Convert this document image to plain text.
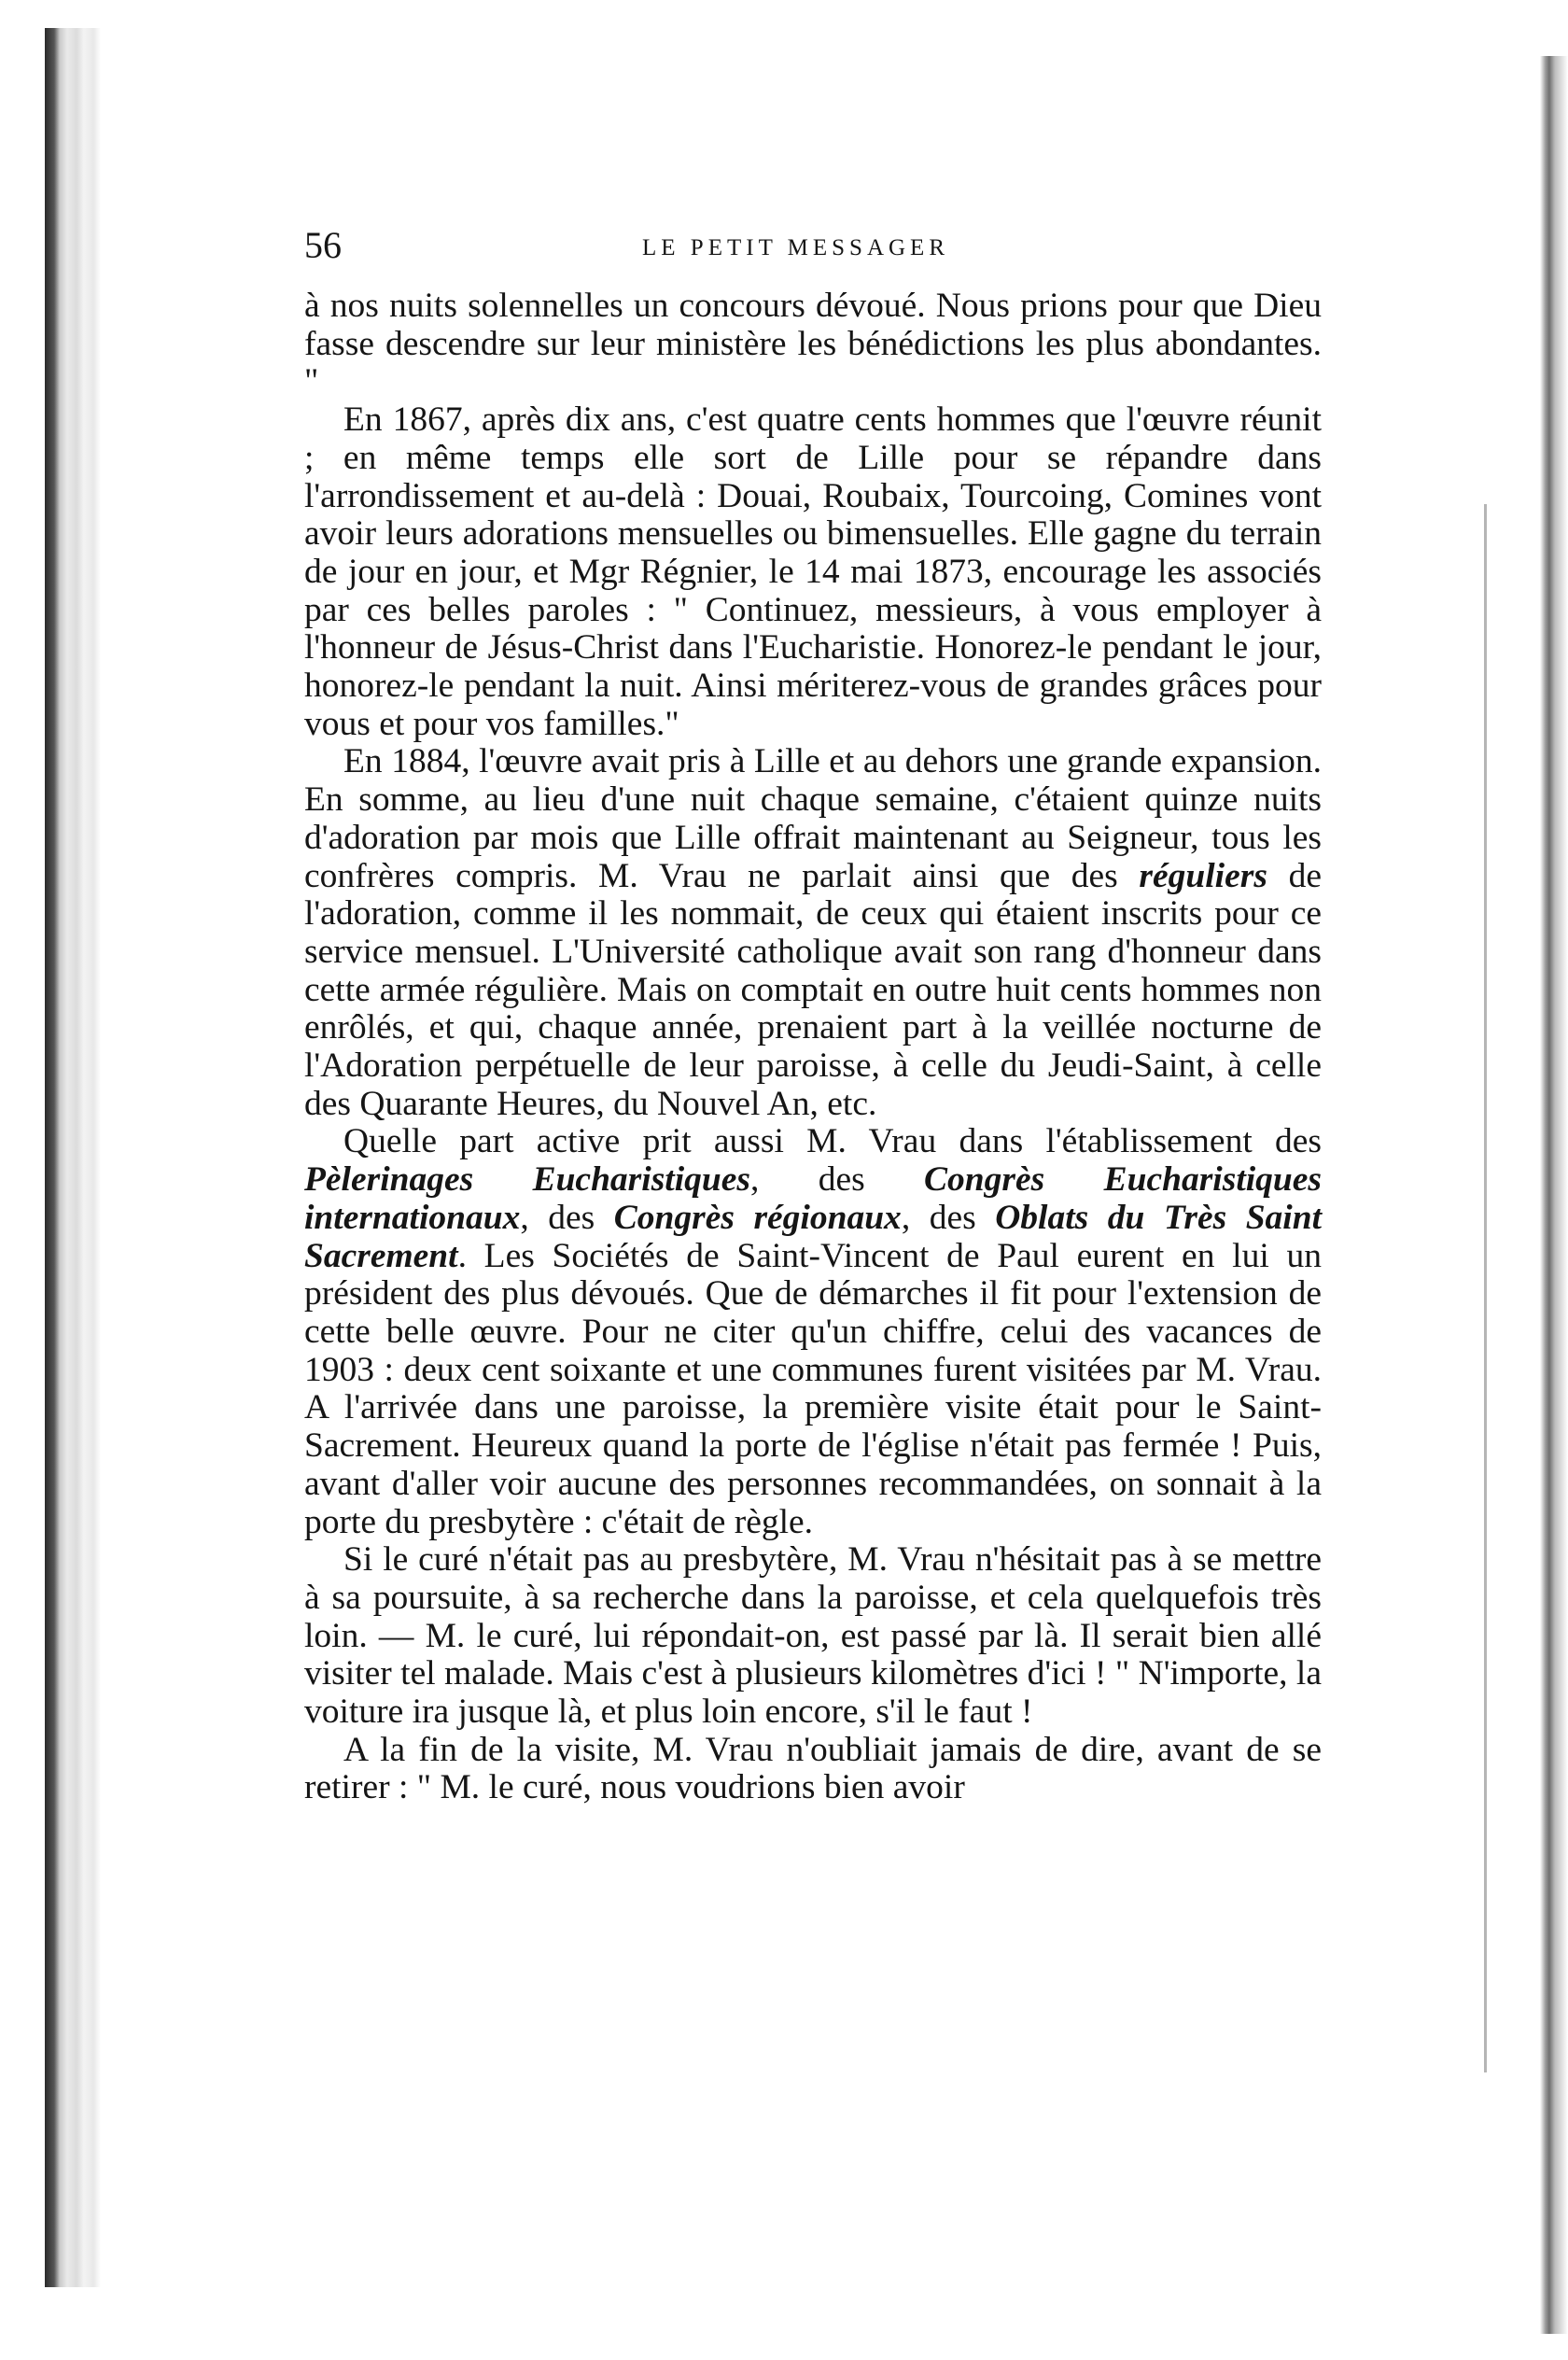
56	LE PETIT MESSAGER

à nos nuits solennelles un concours dévoué. Nous prions pour que Dieu fasse descendre sur leur ministère les bénédictions les plus abondantes. "

En 1867, après dix ans, c'est quatre cents hommes que l'œuvre réunit ; en même temps elle sort de Lille pour se répandre dans l'arrondissement et au-delà : Douai, Roubaix, Tourcoing, Comines vont avoir leurs adorations mensuelles ou bimensuelles. Elle gagne du terrain de jour en jour, et Mgr Régnier, le 14 mai 1873, encourage les associés par ces belles paroles : " Continuez, messieurs, à vous employer à l'honneur de Jésus-Christ dans l'Eucharistie. Honorez-le pendant le jour, honorez-le pendant la nuit. Ainsi mériterez-vous de grandes grâces pour vous et pour vos familles."

En 1884, l'œuvre avait pris à Lille et au dehors une grande expansion. En somme, au lieu d'une nuit chaque semaine, c'étaient quinze nuits d'adoration par mois que Lille offrait maintenant au Seigneur, tous les confrères compris. M. Vrau ne parlait ainsi que des réguliers de l'adoration, comme il les nommait, de ceux qui étaient inscrits pour ce service mensuel. L'Université catholique avait son rang d'honneur dans cette armée régulière. Mais on comptait en outre huit cents hommes non enrôlés, et qui, chaque année, prenaient part à la veillée nocturne de l'Adoration perpétuelle de leur paroisse, à celle du Jeudi-Saint, à celle des Quarante Heures, du Nouvel An, etc.

Quelle part active prit aussi M. Vrau dans l'établissement des Pèlerinages Eucharistiques, des Congrès Eucharistiques internationaux, des Congrès régionaux, des Oblats du Très Saint Sacrement. Les Sociétés de Saint-Vincent de Paul eurent en lui un président des plus dévoués. Que de démarches il fit pour l'extension de cette belle œuvre. Pour ne citer qu'un chiffre, celui des vacances de 1903 : deux cent soixante et une communes furent visitées par M. Vrau. A l'arrivée dans une paroisse, la première visite était pour le Saint-Sacrement. Heureux quand la porte de l'église n'était pas fermée ! Puis, avant d'aller voir aucune des personnes recommandées, on sonnait à la porte du presbytère : c'était de règle.

Si le curé n'était pas au presbytère, M. Vrau n'hésitait pas à se mettre à sa poursuite, à sa recherche dans la paroisse, et cela quelquefois très loin. — M. le curé, lui répondait-on, est passé par là. Il serait bien allé visiter tel malade. Mais c'est à plusieurs kilomètres d'ici ! " N'importe, la voiture ira jusque là, et plus loin encore, s'il le faut !

A la fin de la visite, M. Vrau n'oubliait jamais de dire, avant de se retirer : " M. le curé, nous voudrions bien avoir
